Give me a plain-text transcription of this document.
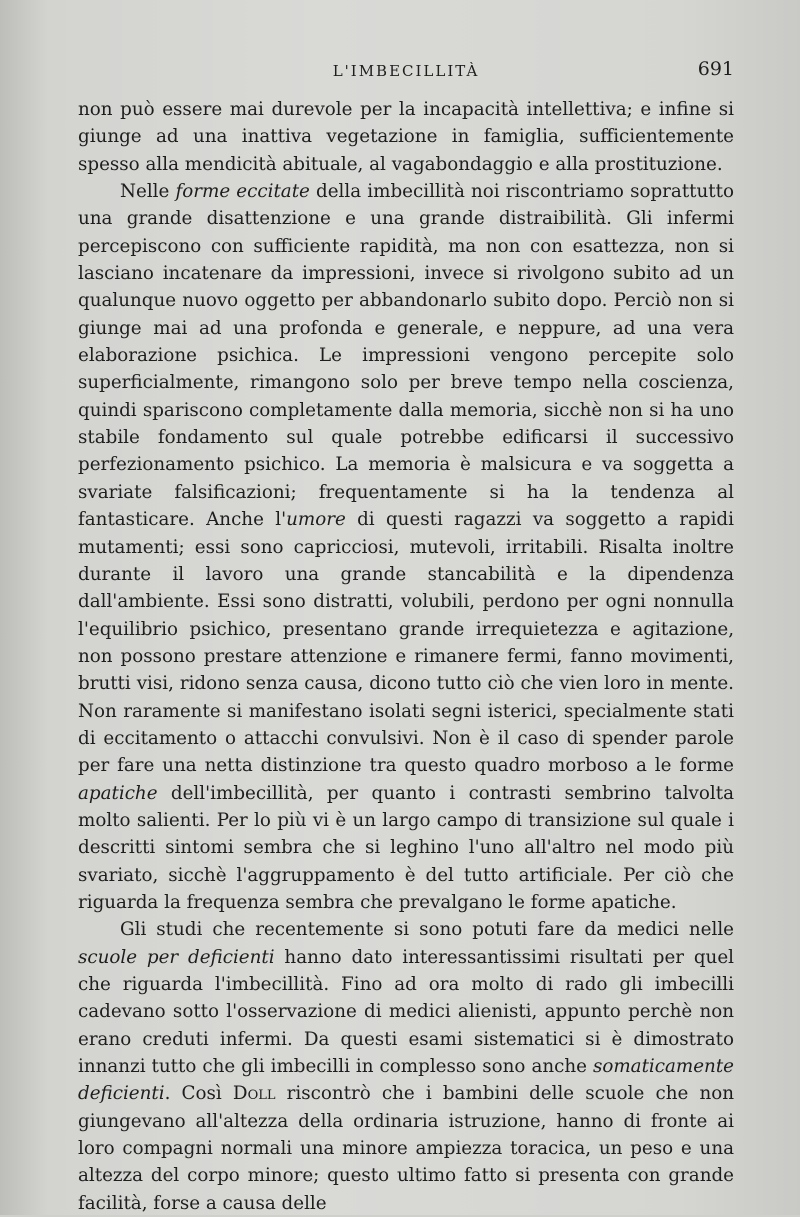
L'IMBECILLITÀ	691

non può essere mai durevole per la incapacità intellettiva; e infine si giunge ad una inattiva vegetazione in famiglia, sufficientemente spesso alla mendicità abituale, al vagabondaggio e alla prostituzione.

Nelle forme eccitate della imbecillità noi riscontriamo soprattutto una grande disattenzione e una grande distraibilità. Gli infermi percepiscono con sufficiente rapidità, ma non con esattezza, non si lasciano incatenare da impressioni, invece si rivolgono subito ad un qualunque nuovo oggetto per abbandonarlo subito dopo. Perciò non si giunge mai ad una profonda e generale, e neppure, ad una vera elaborazione psichica. Le impressioni vengono percepite solo superficialmente, rimangono solo per breve tempo nella coscienza, quindi spariscono completamente dalla memoria, sicchè non si ha uno stabile fondamento sul quale potrebbe edificarsi il successivo perfezionamento psichico. La memoria è malsicura e va soggetta a svariate falsificazioni; frequentamente si ha la tendenza al fantasticare. Anche l'umore di questi ragazzi va soggetto a rapidi mutamenti; essi sono capricciosi, mutevoli, irritabili. Risalta inoltre durante il lavoro una grande stancabilità e la dipendenza dall'ambiente. Essi sono distratti, volubili, perdono per ogni nonnulla l'equilibrio psichico, presentano grande irrequietezza e agitazione, non possono prestare attenzione e rimanere fermi, fanno movimenti, brutti visi, ridono senza causa, dicono tutto ciò che vien loro in mente. Non raramente si manifestano isolati segni isterici, specialmente stati di eccitamento o attacchi convulsivi. Non è il caso di spender parole per fare una netta distinzione tra questo quadro morboso a le forme apatiche dell'imbecillità, per quanto i contrasti sembrino talvolta molto salienti. Per lo più vi è un largo campo di transizione sul quale i descritti sintomi sembra che si leghino l'uno all'altro nel modo più svariato, sicchè l'aggruppamento è del tutto artificiale. Per ciò che riguarda la frequenza sembra che prevalgano le forme apatiche.

Gli studi che recentemente si sono potuti fare da medici nelle scuole per deficienti hanno dato interessantissimi risultati per quel che riguarda l'imbecillità. Fino ad ora molto di rado gli imbecilli cadevano sotto l'osservazione di medici alienisti, appunto perchè non erano creduti infermi. Da questi esami sistematici si è dimostrato innanzi tutto che gli imbecilli in complesso sono anche somaticamente deficienti. Così Doll riscontrò che i bambini delle scuole che non giungevano all'altezza della ordinaria istruzione, hanno di fronte ai loro compagni normali una minore ampiezza toracica, un peso e una altezza del corpo minore; questo ultimo fatto si presenta con grande facilità, forse a causa delle
